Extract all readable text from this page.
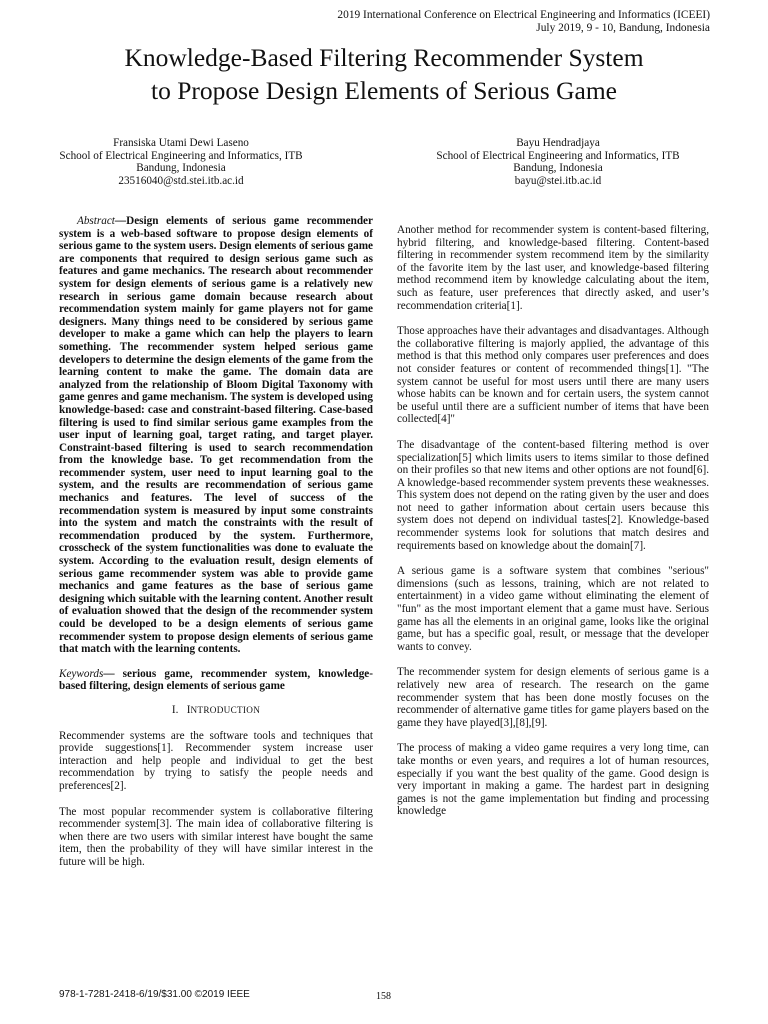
2019 International Conference on Electrical Engineering and Informatics (ICEEI)
July 2019, 9 - 10, Bandung, Indonesia
Knowledge-Based Filtering Recommender System
to Propose Design Elements of Serious Game
Fransiska Utami Dewi Laseno
School of Electrical Engineering and Informatics, ITB
Bandung, Indonesia
23516040@std.stei.itb.ac.id
Bayu Hendradjaya
School of Electrical Engineering and Informatics, ITB
Bandung, Indonesia
bayu@stei.itb.ac.id

Abstract—Design elements of serious game recommender system is a web-based software to propose design elements of serious game to the system users. Design elements of serious game are components that required to design serious game such as features and game mechanics. The research about recommender system for design elements of serious game is a relatively new research in serious game domain because research about recommendation system mainly for game players not for game designers. Many things need to be considered by serious game developer to make a game which can help the players to learn something. The recommender system helped serious game developers to determine the design elements of the game from the learning content to make the game. The domain data are analyzed from the relationship of Bloom Digital Taxonomy with game genres and game mechanism. The system is developed using knowledge-based: case and constraint-based filtering. Case-based filtering is used to find similar serious game examples from the user input of learning goal, target rating, and target player. Constraint-based filtering is used to search recommendation from the knowledge base. To get recommendation from the recommender system, user need to input learning goal to the system, and the results are recommendation of serious game mechanics and features. The level of success of the recommendation system is measured by input some constraints into the system and match the constraints with the result of recommendation produced by the system. Furthermore, crosscheck of the system functionalities was done to evaluate the system. According to the evaluation result, design elements of serious game recommender system was able to provide game mechanics and game features as the base of serious game designing which suitable with the learning content. Another result of evaluation showed that the design of the recommender system could be developed to be a design elements of serious game recommender system to propose design elements of serious game that match with the learning contents.

Keywords— serious game, recommender system, knowledge-based filtering, design elements of serious game

I. INTRODUCTION

Recommender systems are the software tools and techniques that provide suggestions[1]. Recommender system increase user interaction and help people and individual to get the best recommendation by trying to satisfy the people needs and preferences[2].

The most popular recommender system is collaborative filtering recommender system[3]. The main idea of collaborative filtering is when there are two users with similar interest have bought the same item, then the probability of they will have similar interest in the future will be high.

Another method for recommender system is content-based filtering, hybrid filtering, and knowledge-based filtering. Content-based filtering in recommender system recommend item by the similarity of the favorite item by the last user, and knowledge-based filtering method recommend item by knowledge calculating about the item, such as feature, user preferences that directly asked, and user’s recommendation criteria[1].

Those approaches have their advantages and disadvantages. Although the collaborative filtering is majorly applied, the advantage of this method is that this method only compares user preferences and does not consider features or content of recommended things[1]. "The system cannot be useful for most users until there are many users whose habits can be known and for certain users, the system cannot be useful until there are a sufficient number of items that have been collected[4]"

The disadvantage of the content-based filtering method is over specialization[5] which limits users to items similar to those defined on their profiles so that new items and other options are not found[6]. A knowledge-based recommender system prevents these weaknesses. This system does not depend on the rating given by the user and does not need to gather information about certain users because this system does not depend on individual tastes[2]. Knowledge-based recommender systems look for solutions that match desires and requirements based on knowledge about the domain[7].

A serious game is a software system that combines "serious" dimensions (such as lessons, training, which are not related to entertainment) in a video game without eliminating the element of "fun" as the most important element that a game must have. Serious game has all the elements in an original game, looks like the original game, but has a specific goal, result, or message that the developer wants to convey.

The recommender system for design elements of serious game is a relatively new area of research. The research on the game recommender system that has been done mostly focuses on the recommender of alternative game titles for game players based on the game they have played[3],[8],[9].

The process of making a video game requires a very long time, can take months or even years, and requires a lot of human resources, especially if you want the best quality of the game. Good design is very important in making a game. The hardest part in designing games is not the game implementation but finding and processing knowledge

978-1-7281-2418-6/19/$31.00 ©2019 IEEE	158
